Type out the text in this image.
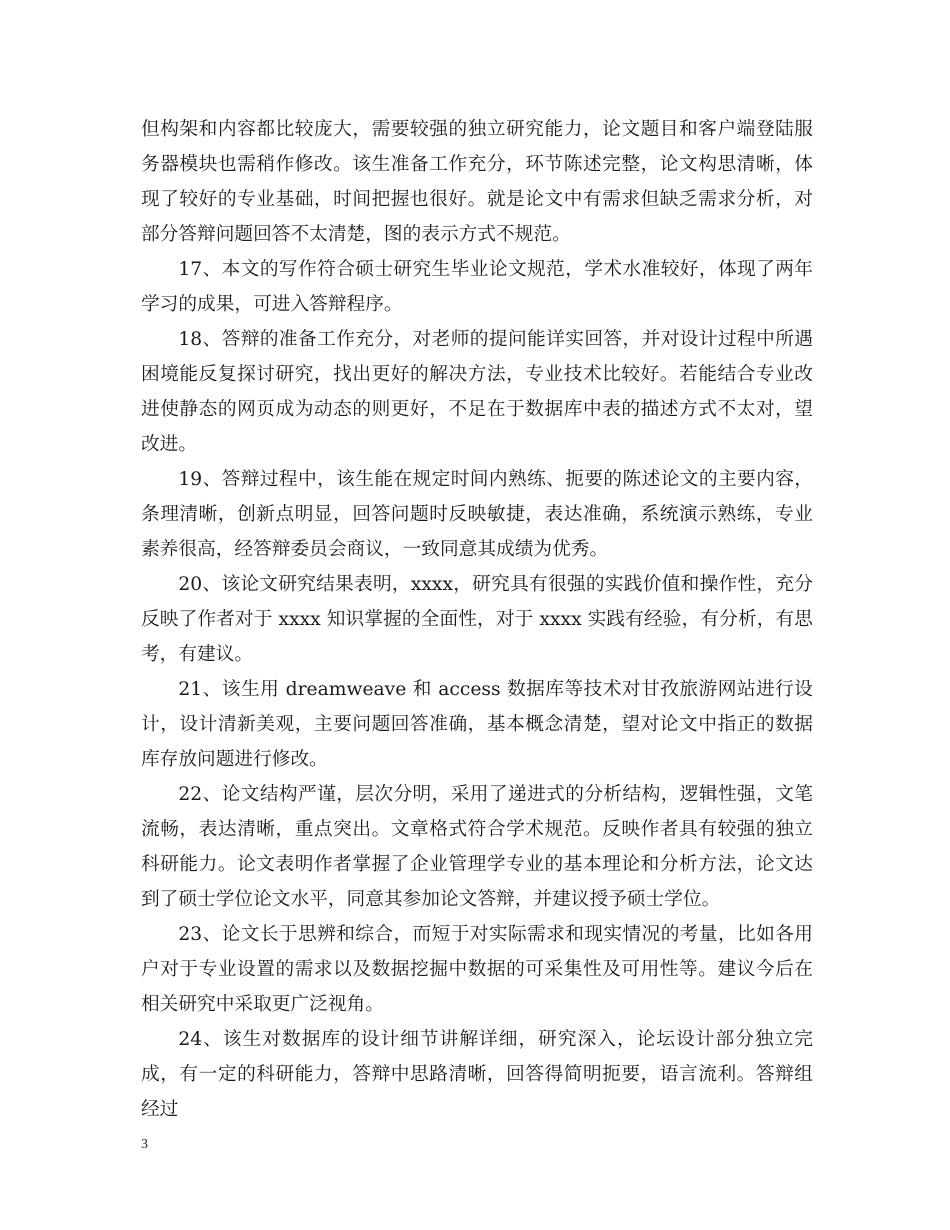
但构架和内容都比较庞大，需要较强的独立研究能力，论文题目和客户端登陆服务器模块也需稍作修改。该生准备工作充分，环节陈述完整，论文构思清晰，体现了较好的专业基础，时间把握也很好。就是论文中有需求但缺乏需求分析，对部分答辩问题回答不太清楚，图的表示方式不规范。

17、本文的写作符合硕士研究生毕业论文规范，学术水准较好，体现了两年学习的成果，可进入答辩程序。

18、答辩的准备工作充分，对老师的提问能详实回答，并对设计过程中所遇困境能反复探讨研究，找出更好的解决方法，专业技术比较好。若能结合专业改进使静态的网页成为动态的则更好，不足在于数据库中表的描述方式不太对，望改进。

19、答辩过程中，该生能在规定时间内熟练、扼要的陈述论文的主要内容，条理清晰，创新点明显，回答问题时反映敏捷，表达准确，系统演示熟练，专业素养很高，经答辩委员会商议，一致同意其成绩为优秀。

20、该论文研究结果表明，xxxx，研究具有很强的实践价值和操作性，充分反映了作者对于 xxxx 知识掌握的全面性，对于 xxxx 实践有经验，有分析，有思考，有建议。

21、该生用 dreamweave 和 access 数据库等技术对甘孜旅游网站进行设计，设计清新美观，主要问题回答准确，基本概念清楚，望对论文中指正的数据库存放问题进行修改。

22、论文结构严谨，层次分明，采用了递进式的分析结构，逻辑性强，文笔流畅，表达清晰，重点突出。文章格式符合学术规范。反映作者具有较强的独立科研能力。论文表明作者掌握了企业管理学专业的基本理论和分析方法，论文达到了硕士学位论文水平，同意其参加论文答辩，并建议授予硕士学位。

23、论文长于思辨和综合，而短于对实际需求和现实情况的考量，比如各用户对于专业设置的需求以及数据挖掘中数据的可采集性及可用性等。建议今后在相关研究中采取更广泛视角。

24、该生对数据库的设计细节讲解详细，研究深入，论坛设计部分独立完成，有一定的科研能力，答辩中思路清晰，回答得简明扼要，语言流利。答辩组经过

3
